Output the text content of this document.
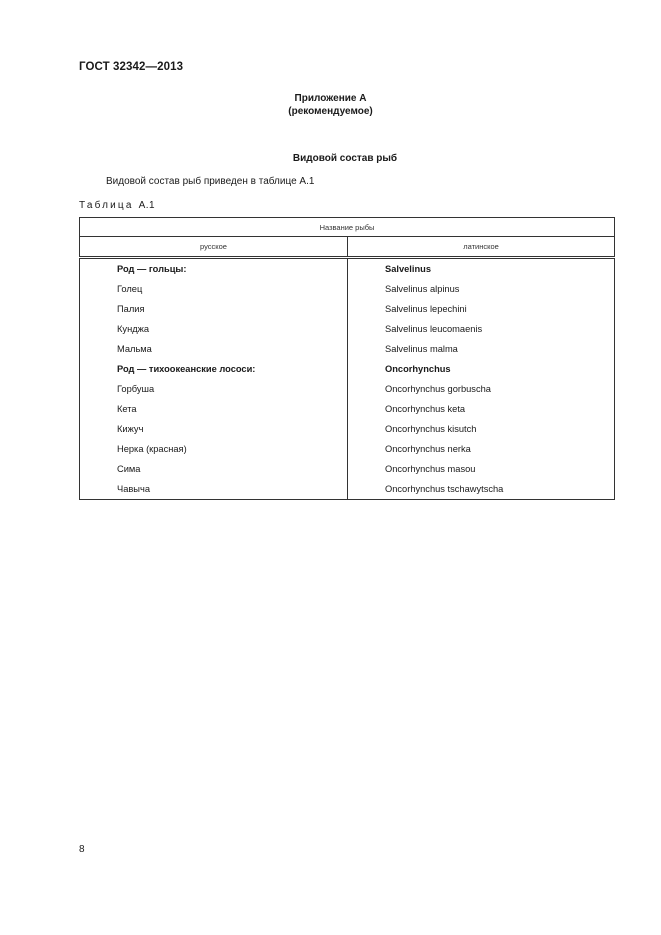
ГОСТ 32342—2013
Приложение А
(рекомендуемое)
Видовой состав рыб
Видовой состав рыб приведен в таблице А.1
Таблица А.1
Название рыбы	
русское	латинское
Род — гольцы:	Salvelinus
Голец	Salvelinus alpinus
Палия	Salvelinus lepechini
Кунджа	Salvelinus leucomaenis
Мальма	Salvelinus malma
Род — тихоокеанские лососи:	Oncorhynchus
Горбуша	Oncorhynchus gorbuscha
Кета	Oncorhynchus keta
Кижуч	Oncorhynchus kisutch
Нерка (красная)	Oncorhynchus nerka
Сима	Oncorhynchus masou
Чавыча	Oncorhynchus tschawytscha
8
